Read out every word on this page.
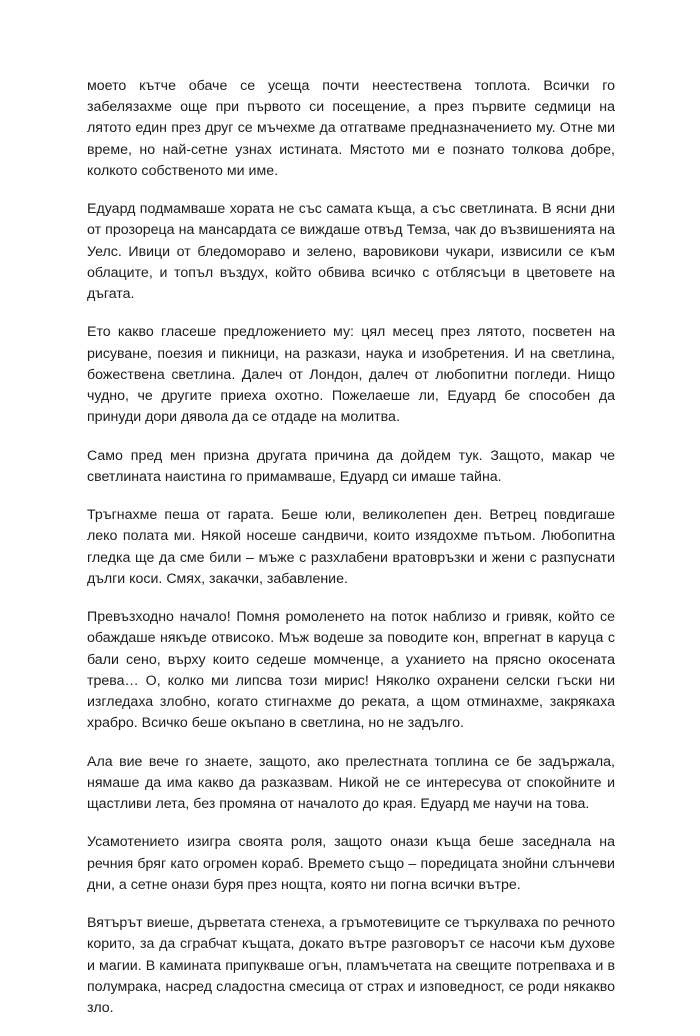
моето кътче обаче се усеща почти неестествена топлота. Всички го забелязахме още при първото си посещение, а през първите седмици на лятото един през друг се мъчехме да отгатваме предназначението му. Отне ми време, но най-сетне узнах истината. Мястото ми е познато толкова добре, колкото собственото ми име.

Едуард подмамваше хората не със самата къща, а със светлината. В ясни дни от прозореца на мансардата се виждаше отвъд Темза, чак до възвишенията на Уелс. Ивици от бледомораво и зелено, варовикови чукари, извисили се към облаците, и топъл въздух, който обвива всичко с отблясъци в цветовете на дъгата.

Ето какво гласеше предложението му: цял месец през лятото, посветен на рисуване, поезия и пикници, на разкази, наука и изобретения. И на светлина, божествена светлина. Далеч от Лондон, далеч от любопитни погледи. Нищо чудно, че другите приеха охотно. Пожелаеше ли, Едуард бе способен да принуди дори дявола да се отдаде на молитва.

Само пред мен призна другата причина да дойдем тук. Защото, макар че светлината наистина го примамваше, Едуард си имаше тайна.

Тръгнахме пеша от гарата. Беше юли, великолепен ден. Ветрец повдигаше леко полата ми. Някой носеше сандвичи, които изядохме пътьом. Любопитна гледка ще да сме били – мъже с разхлабени вратовръзки и жени с разпуснати дълги коси. Смях, закачки, забавление.

Превъзходно начало! Помня ромоленето на поток наблизо и гривяк, който се обаждаше някъде отвисоко. Мъж водеше за поводите кон, впрегнат в каруца с бали сено, върху които седеше момченце, а уханието на прясно окосената трева… О, колко ми липсва този мирис! Няколко охранени селски гъски ни изгледаха злобно, когато стигнахме до реката, а щом отминахме, закрякаха храбро. Всичко беше окъпано в светлина, но не задълго.

Ала вие вече го знаете, защото, ако прелестната топлина се бе задържала, нямаше да има какво да разказвам. Никой не се интересува от спокойните и щастливи лета, без промяна от началото до края. Едуард ме научи на това.

Усамотението изигра своята роля, защото онази къща беше заседнала на речния бряг като огромен кораб. Времето също – поредицата знойни слънчеви дни, а сетне онази буря през нощта, която ни погна всички вътре.

Вятърът виеше, дърветата стенеха, а гръмотевиците се търкулваха по речното корито, за да сграбчат къщата, докато вътре разговорът се насочи към духове и магии. В камината припукваше огън, пламъчетата на свещите потрепваха и в полумрака, насред сладостна смесица от страх и изповедност, се роди някакво зло.
